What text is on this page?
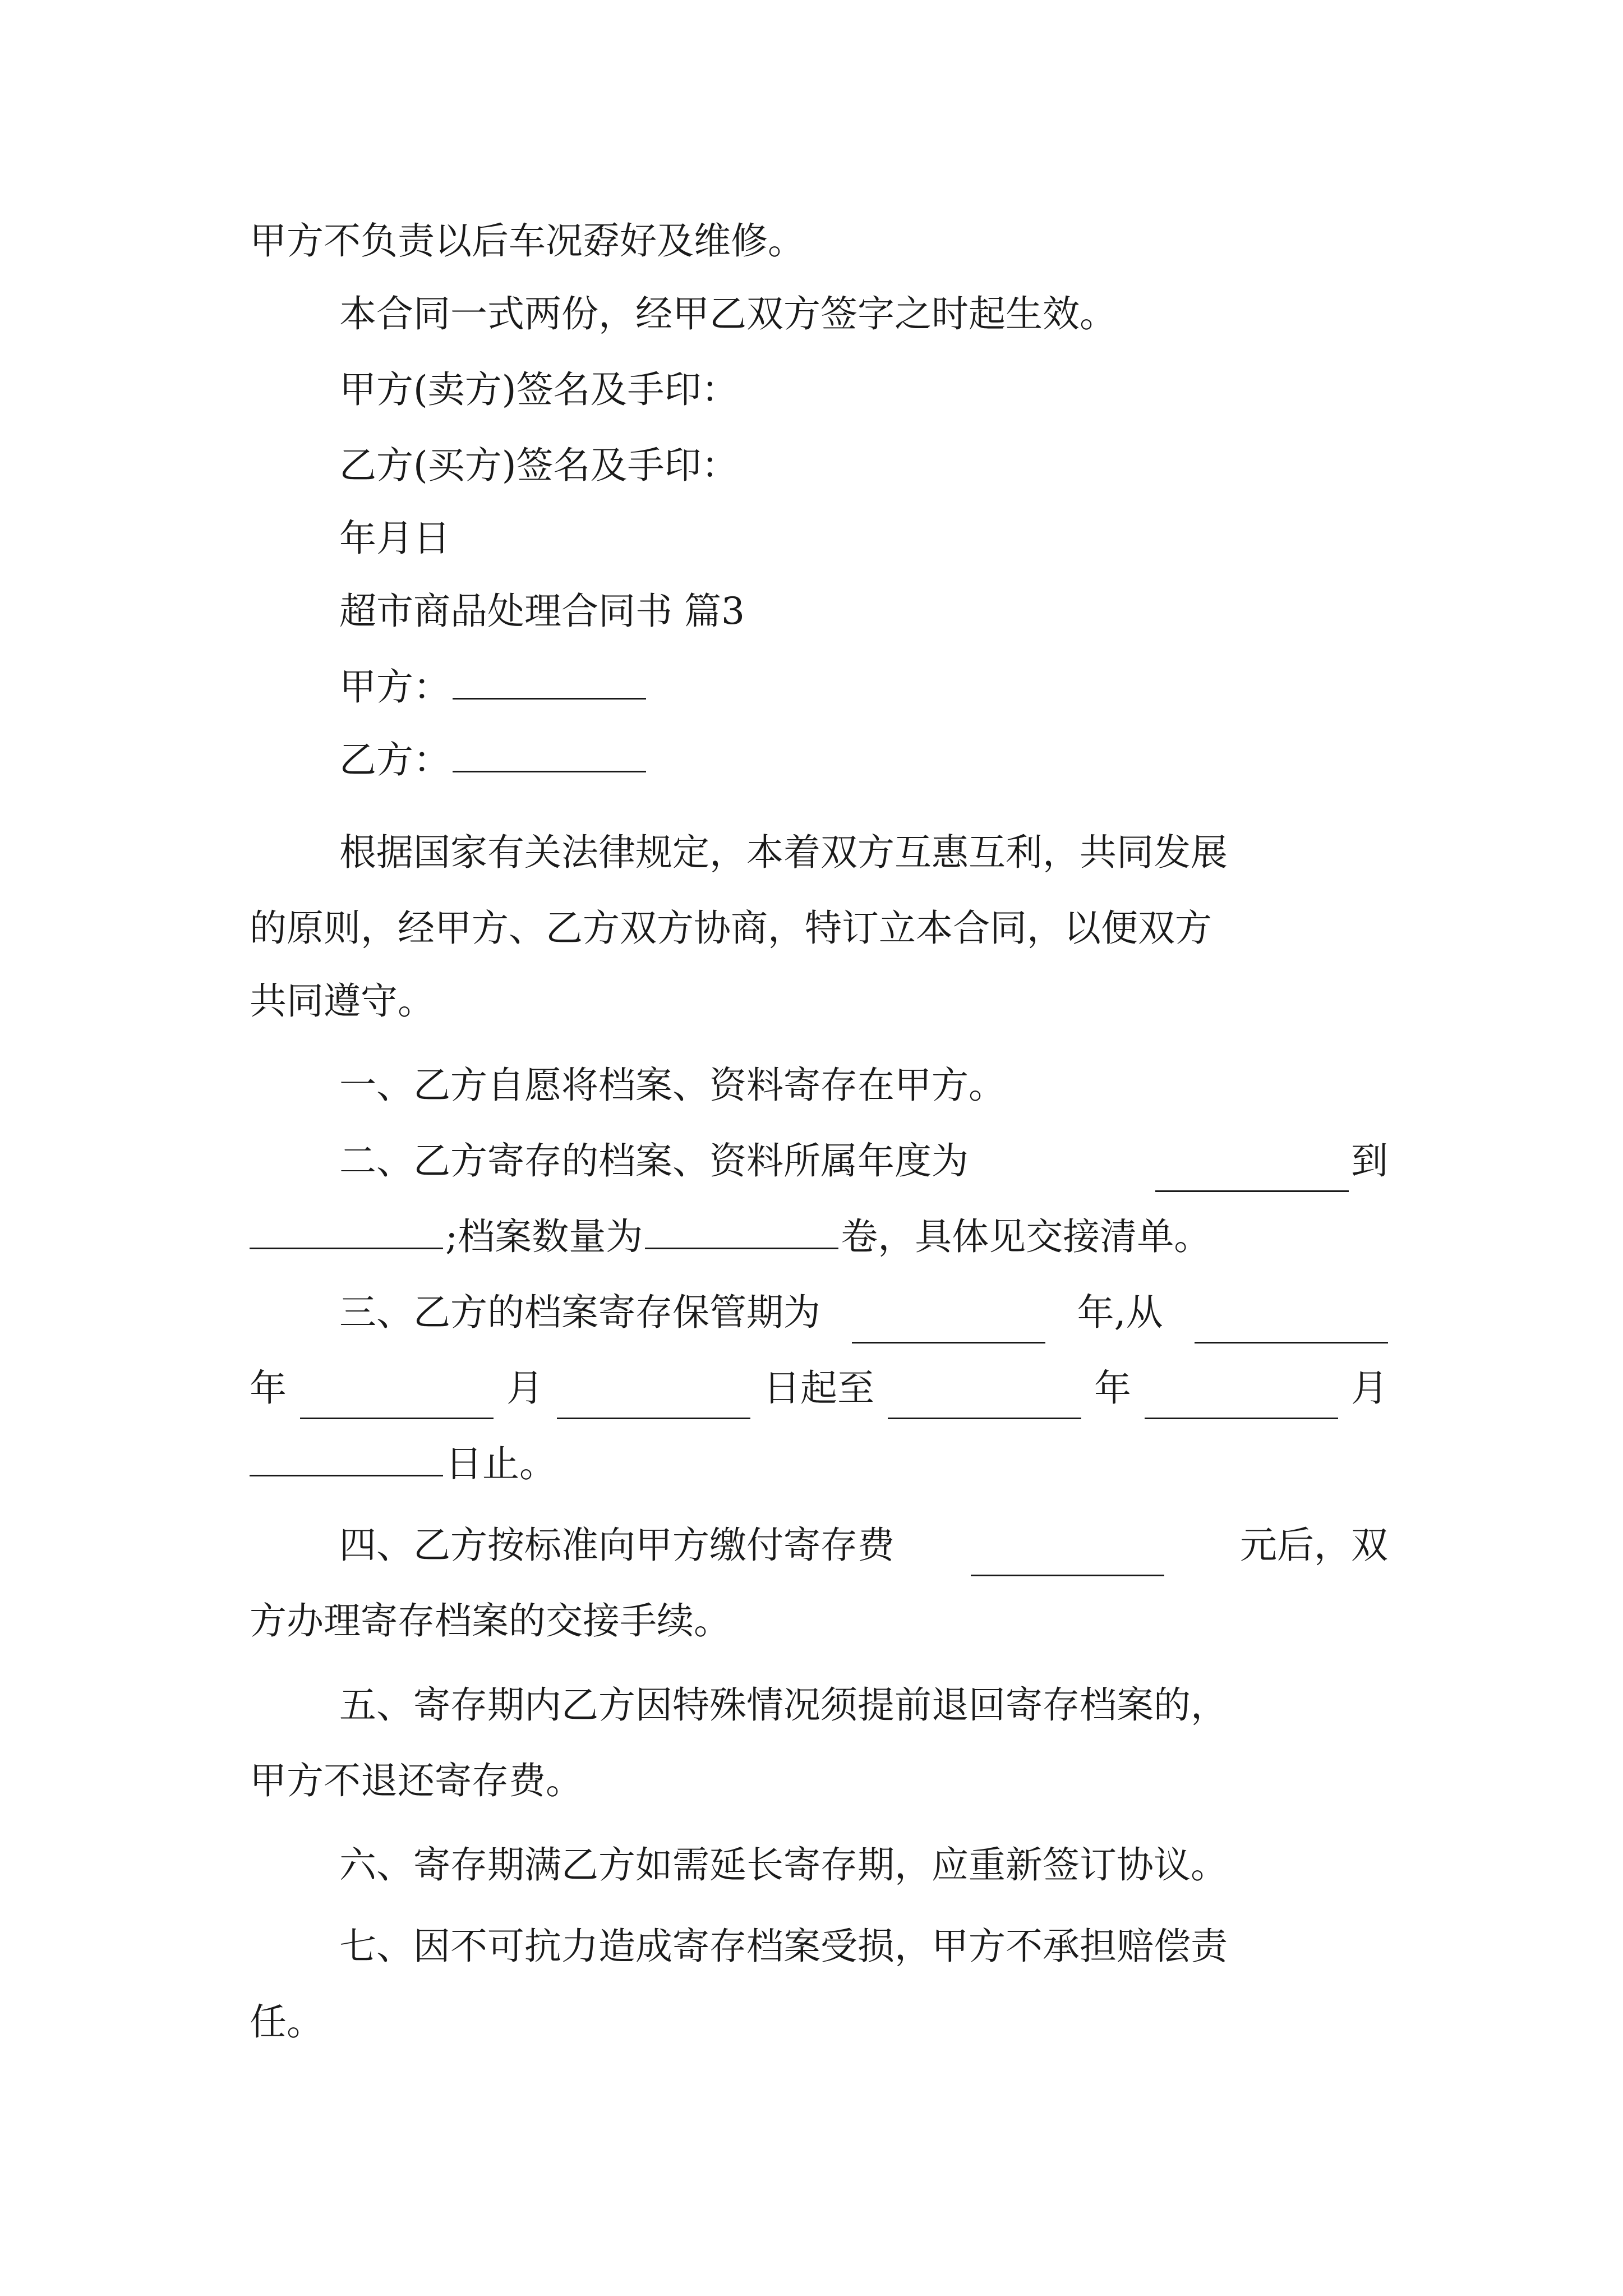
甲方不负责以后车况孬好及维修。
本合同一式两份，经甲乙双方签字之时起生效。
甲方(卖方)签名及手印：
乙方(买方)签名及手印：
年月日
超市商品处理合同书 篇3
甲方：
乙方：
根据国家有关法律规定，本着双方互惠互利，共同发展
的原则，经甲方、乙方双方协商，特订立本合同，以便双方
共同遵守。
一、乙方自愿将档案、资料寄存在甲方。
二、乙方寄存的档案、资料所属年度为	到
;档案数量为	卷，具体见交接清单。
三、乙方的档案寄存保管期为	年,从
年	月	日起至	年	月
日止。
四、乙方按标准向甲方缴付寄存费	元后，双
方办理寄存档案的交接手续。
五、寄存期内乙方因特殊情况须提前退回寄存档案的，
甲方不退还寄存费。
六、寄存期满乙方如需延长寄存期，应重新签订协议。
七、因不可抗力造成寄存档案受损，甲方不承担赔偿责
任。
